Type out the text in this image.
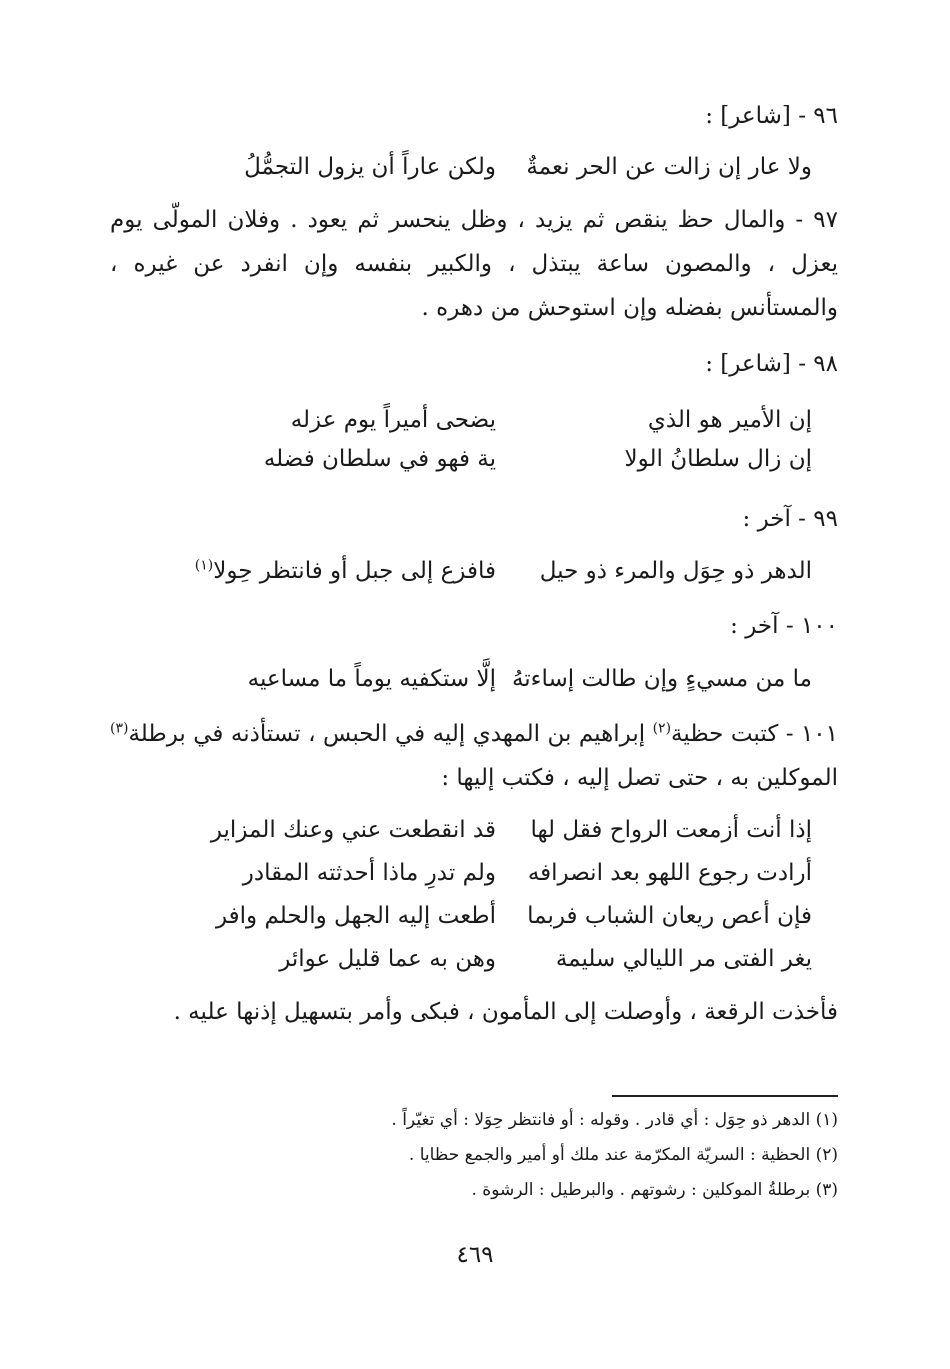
٩٦ - [شاعر] :
ولا عار إن زالت عن الحر نعمةٌ
ولكن عاراً أن يزول التجمُّلُ
٩٧ - والمال حظ ينقص ثم يزيد ، وظل ينحسر ثم يعود . وفلان المولّى يوم يعزل ، والمصون ساعة يبتذل ، والكبير بنفسه وإن انفرد عن غيره ، والمستأنس بفضله وإن استوحش من دهره .
٩٨ - [شاعر] :
إن الأمير هو الذي
يضحى أميراً يوم عزله
إن زال سلطانُ الولا
ية فهو في سلطان فضله
٩٩ - آخر :
الدهر ذو حِوَل والمرء ذو حيل
فافزع إلى جبل أو فانتظر حِولا$^{(١)}$
١٠٠ - آخر :
ما من مسيءٍ وإن طالت إساءتهُ
إلَّا ستكفيه يوماً ما مساعيه
١٠١ - كتبت حظية$^{(٢)}$ إبراهيم بن المهدي إليه في الحبس ، تستأذنه في برطلة$^{(٣)}$ الموكلين به ، حتى تصل إليه ، فكتب إليها :
إذا أنت أزمعت الرواح فقل لها
قد انقطعت عني وعنك المزاير
أرادت رجوع اللهو بعد انصرافه
ولم تدرِ ماذا أحدثته المقادر
فإن أعص ريعان الشباب فربما
أطعت إليه الجهل والحلم وافر
يغر الفتى مر الليالي سليمة
وهن به عما قليل عوائر
فأخذت الرقعة ، وأوصلت إلى المأمون ، فبكى وأمر بتسهيل إذنها عليه .
(١) الدهر ذو حِوَل : أي قادر . وقوله : أو فانتظر حِوَلا : أي تغيّراً .
(٢) الحظية : السريّة المكرّمة عند ملك أو أمير والجمع حظايا .
(٣) برطلةُ الموكلين : رشوتهم . والبرطيل : الرشوة .
٤٦٩
